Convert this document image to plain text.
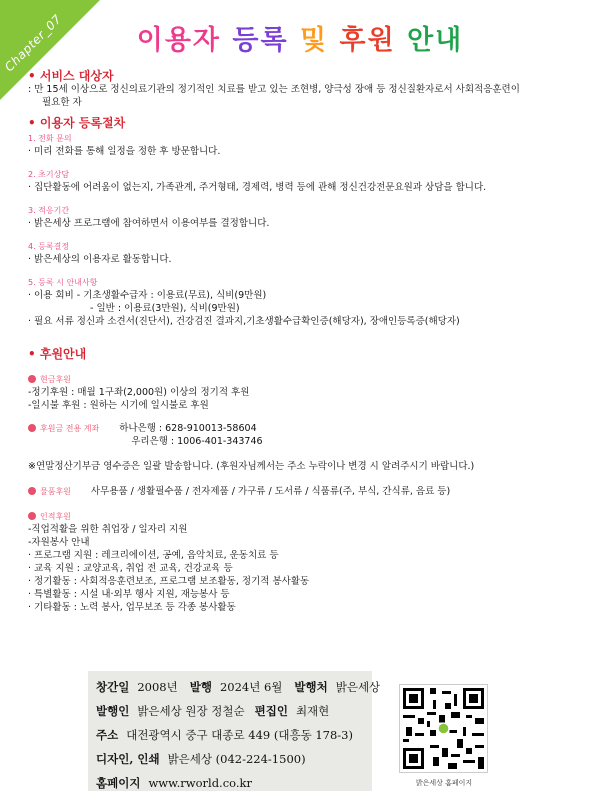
Chapter_07	이용자 등록 및 후원 안내

• 서비스 대상자

: 만 15세 이상으로 정신의료기관의 정기적인 치료를 받고 있는 조현병, 양극성 장애 등 정신질환자로서 사회적응훈련이

필요한 자

• 이용자 등록절차

1. 전화 문의

· 미리 전화를 통해 일정을 정한 후 방문합니다.

2. 초기상담

· 집단활동에 어려움이 없는지, 가족관계, 주거형태, 경제력, 병력 등에 관해 정신건강전문요원과 상담을 합니다.

3. 적응기간

· 밝은세상 프로그램에 참여하면서 이용여부를 결정합니다.

4. 등록결정

· 밝은세상의 이용자로 활동합니다.

5. 등록 시 안내사항

· 이용 회비 - 기초생활수급자 : 이용료(무료), 식비(9만원)

- 일반 : 이용료(3만원), 식비(9만원)

· 필요 서류 정신과 소견서(진단서), 건강검진 결과지,기초생활수급확인증(해당자), 장애인등록증(해당자)

• 후원안내

현금후원

-정기후원 : 매월 1구좌(2,000원) 이상의 정기적 후원

-일시불 후원 : 원하는 시기에 일시불로 후원

후원금 전용 계좌 하나은행 : 628-910013-58604

우리은행 : 1006-401-343746

※연말정산기부금 영수증은 일괄 발송합니다. (후원자님께서는 주소 누락이나 변경 시 알려주시기 바랍니다.)

물품후원 사무용품 / 생활필수품 / 전자제품 / 가구류 / 도서류 / 식품류(주, 부식, 간식류, 음료 등)

인적후원

-직업적활을 위한 취업장 / 일자리 지원

-자원봉사 안내

· 프로그램 지원 : 레크리에이션, 공예, 음악치료, 운동치료 등

· 교육 지원 : 교양교육, 취업 전 교육, 건강교육 등

· 정기활동 : 사회적응훈련보조, 프로그램 보조활동, 정기적 봉사활동

· 특별활동 : 시설 내·외부 행사 지원, 재능봉사 등

· 기타활동 : 노력 봉사, 업무보조 등 각종 봉사활동

창간일 2008년 발행 2024년 6월 발행처 밝은세상

발행인 밝은세상 원장 정철순 편집인 최재현

주소 대전광역시 중구 대종로 449 (대흥동 178-3)

디자인, 인쇄 밝은세상 (042-224-1500)

홈페이지 www.rworld.co.kr	밝은세상 홈페이지
